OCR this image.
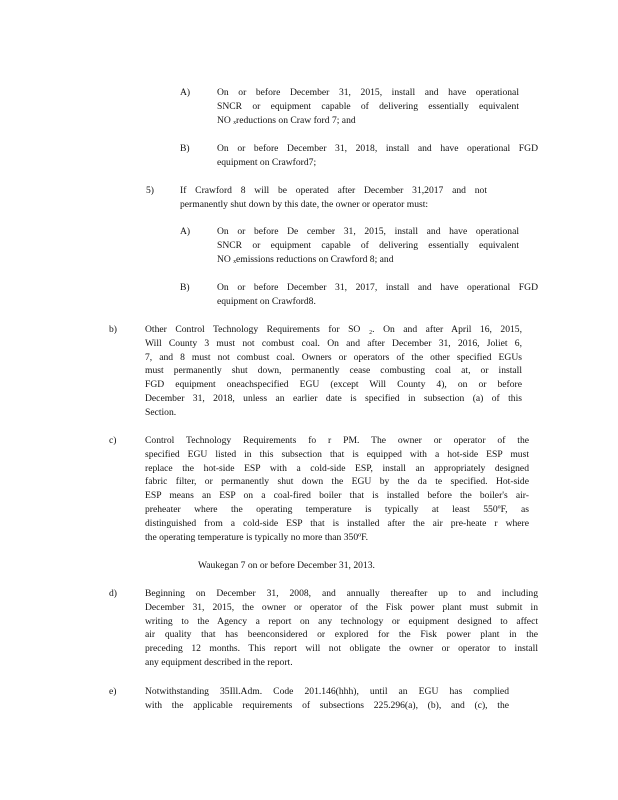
A)	On or before December 31, 2015, install and have operational
SNCR or equipment capable of delivering essentially equivalent
NO ₓreductions on Craw ford 7; and
B)	On or before December 31, 2018, install and have operational FGD
equipment on Crawford7;
5)	If Crawford 8 will be operated after December 31,2017 and not
permanently shut down by this date, the owner or operator must:
A)	On or before De cember 31, 2015, install and have operational
SNCR or equipment capable of delivering essentially equivalent
NO ₓemissions reductions on Crawford 8; and
B)	On or before December 31, 2017, install and have operational FGD
equipment on Crawford8.
b)	Other Control Technology Requirements for SO ₂. On and after April 16, 2015,
Will County 3 must not combust coal. On and after December 31, 2016, Joliet 6,
7, and 8 must not combust coal. Owners or operators of the other specified EGUs
must permanently shut down, permanently cease combusting coal at, or install
FGD equipment oneachspecified EGU (except Will County 4), on or before
December 31, 2018, unless an earlier date is specified in subsection (a) of this
Section.
c)	Control Technology Requirements fo r PM. The owner or operator of the
specified EGU listed in this subsection that is equipped with a hot-side ESP must
replace the hot-side ESP with a cold-side ESP, install an appropriately designed
fabric filter, or permanently shut down the EGU by the da te specified. Hot-side
ESP means an ESP on a coal-fired boiler that is installed before the boiler's air-
preheater where the operating temperature is typically at least 550ºF, as
distinguished from a cold-side ESP that is installed after the air pre-heate r where
the operating temperature is typically no more than 350ºF.
Waukegan 7 on or before December 31, 2013.
d)	Beginning on December 31, 2008, and annually thereafter up to and including
December 31, 2015, the owner or operator of the Fisk power plant must submit in
writing to the Agency a report on any technology or equipment designed to affect
air quality that has beenconsidered or explored for the Fisk power plant in the
preceding 12 months. This report will not obligate the owner or operator to install
any equipment described in the report.
e)	Notwithstanding 35Ill.Adm. Code 201.146(hhh), until an EGU has complied
with the applicable requirements of subsections 225.296(a), (b), and (c), the
